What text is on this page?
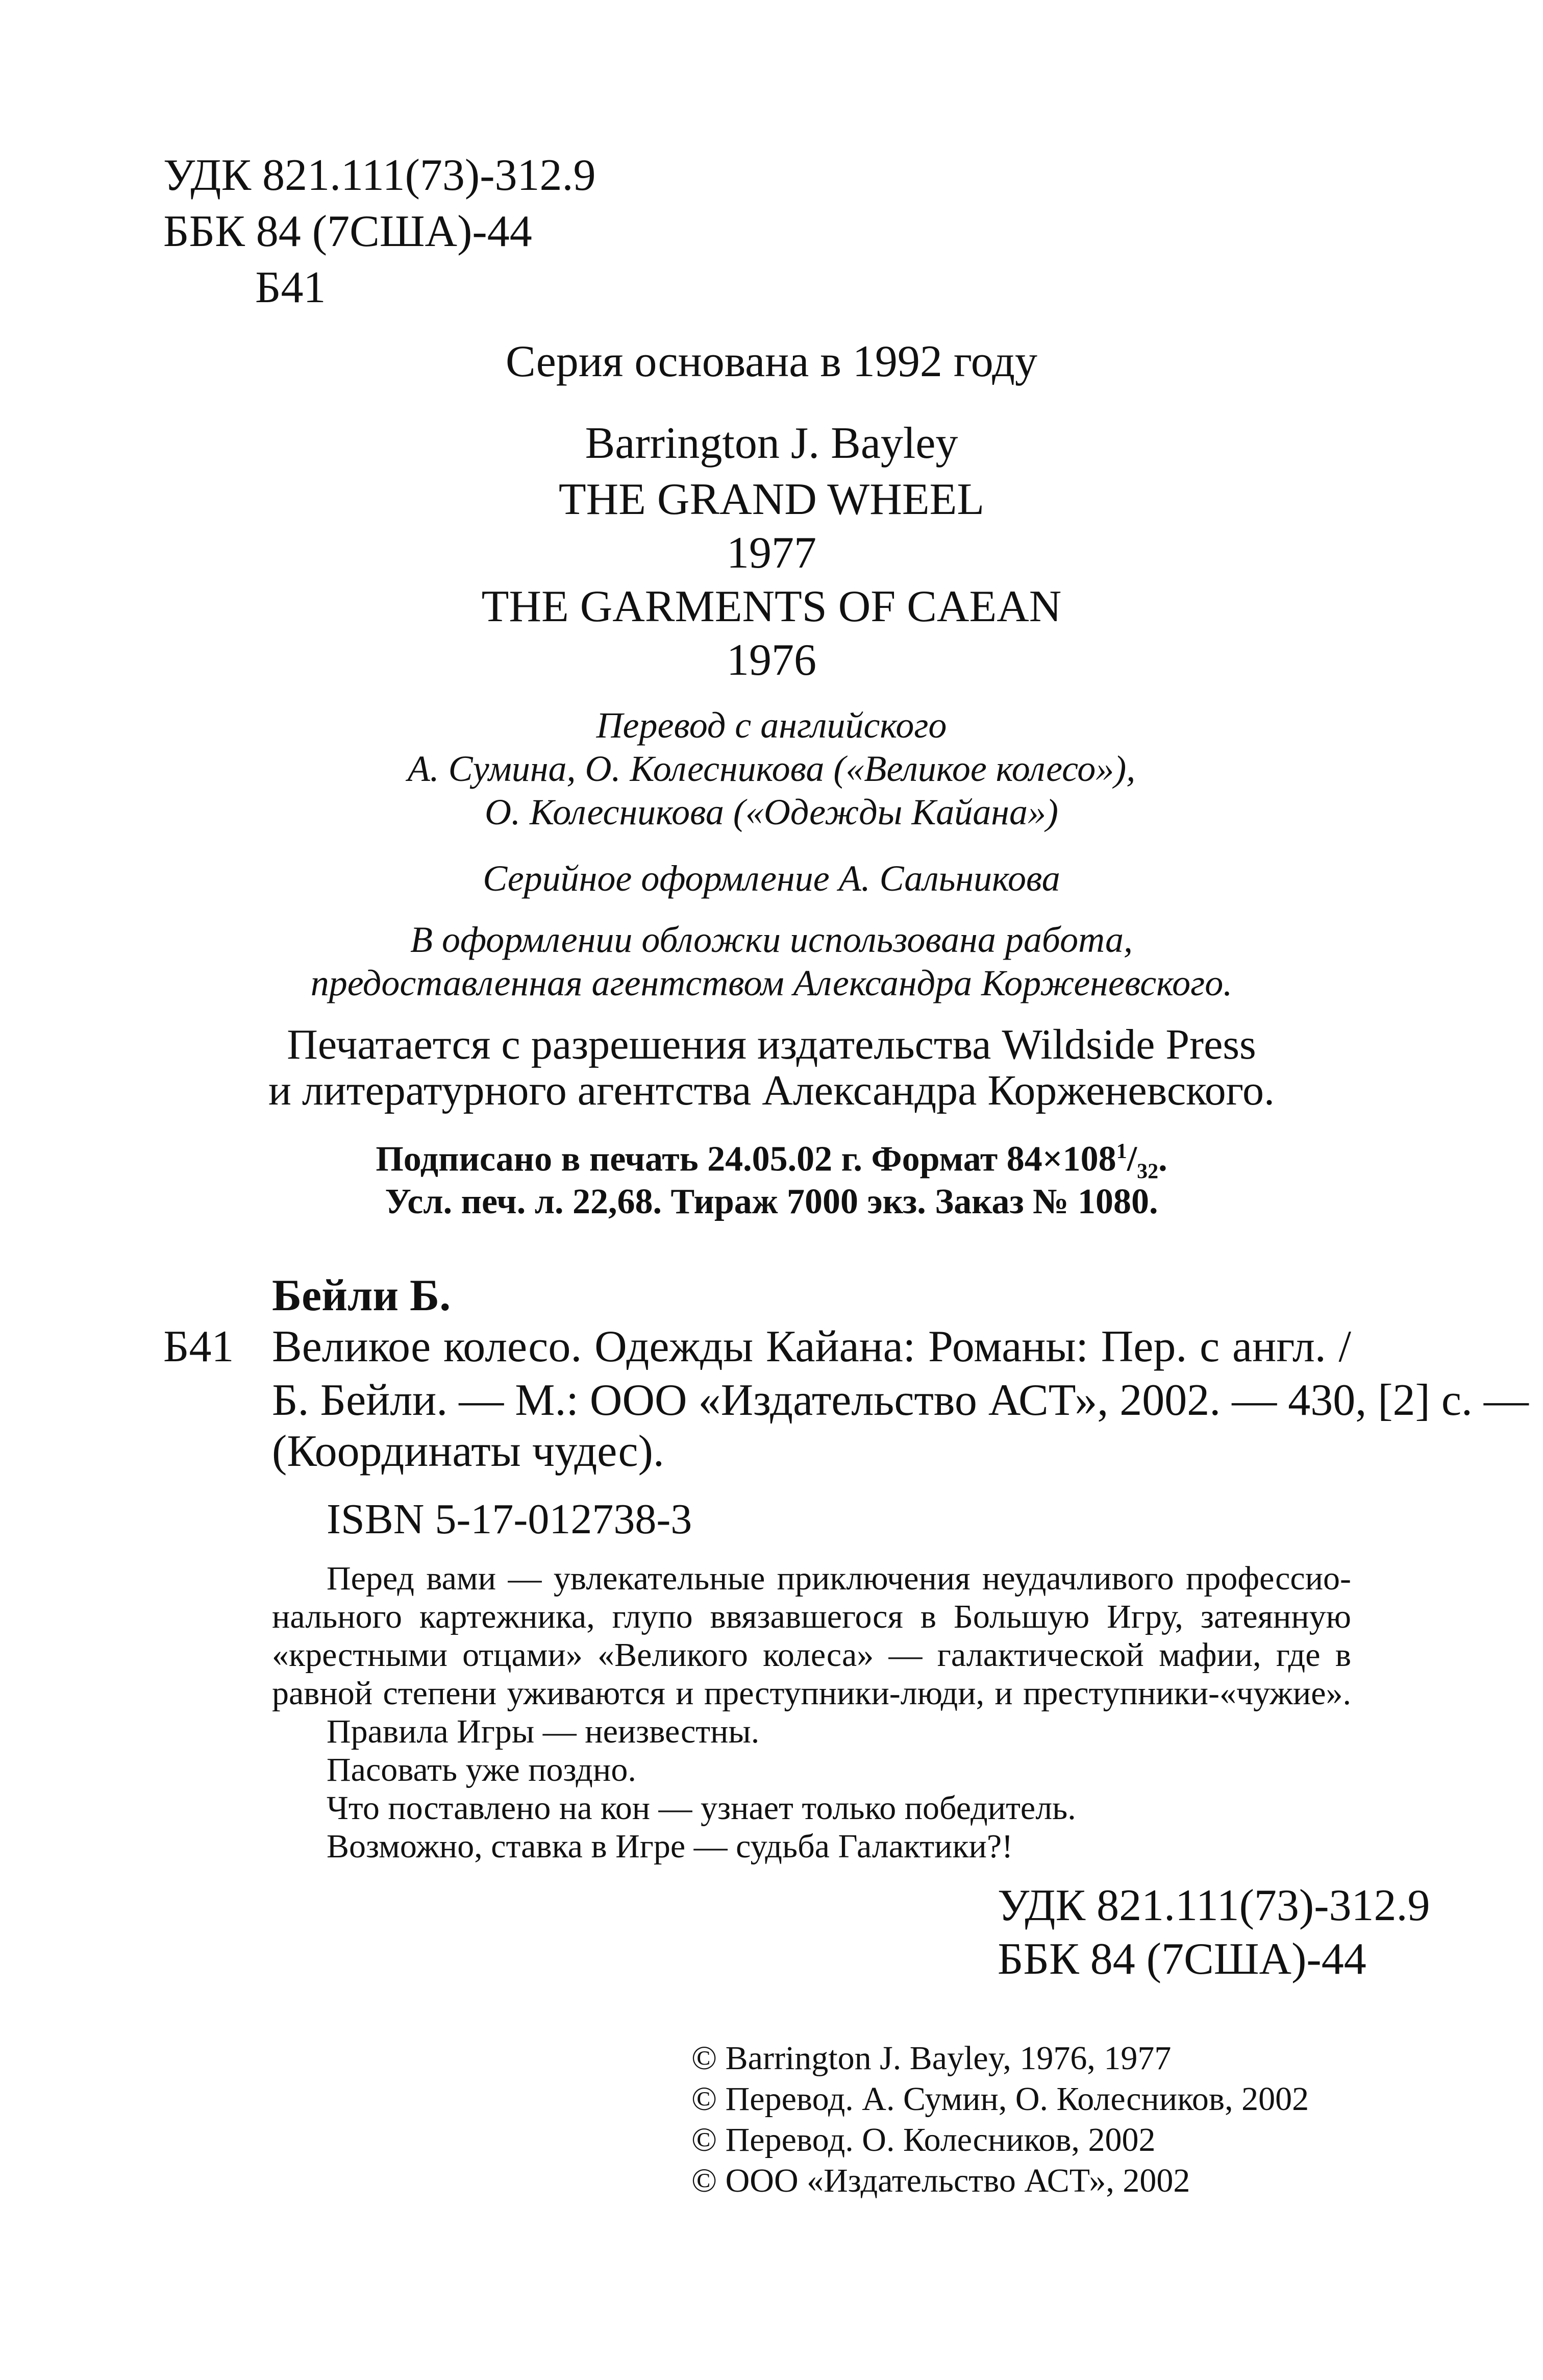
УДК 821.111(73)-312.9
ББК 84 (7США)-44
Б41
Серия основана в 1992 году
Barrington J. Bayley
THE GRAND WHEEL
1977
THE GARMENTS OF CAEAN
1976
Перевод с английского
А. Сумина, О. Колесникова («Великое колесо»),
О. Колесникова («Одежды Кайана»)
Серийное оформление А. Сальникова
В оформлении обложки использована работа,
предоставленная агентством Александра Корженевского.
Печатается с разрешения издательства Wildside Press
и литературного агентства Александра Корженевского.
Подписано в печать 24.05.02 г. Формат $84\times 108^1/_{32}$.
Усл. печ. л. 22,68. Тираж 7000 экз. Заказ № 1080.
Бейли Б.
Б41 Великое колесо. Одежды Кайана: Романы: Пер. с англ. /
Б. Бейли. — М.: ООО «Издательство АСТ», 2002. — 430, [2] с. —
(Координаты чудес).
ISBN 5-17-012738-3
Перед вами — увлекательные приключения неудачливого профессио-
нального картежника, глупо ввязавшегося в Большую Игру, затеянную
«крестными отцами» «Великого колеса» — галактической мафии, где в
равной степени уживаются и преступники-люди, и преступники-«чужие».
Правила Игры — неизвестны.
Пасовать уже поздно.
Что поставлено на кон — узнает только победитель.
Возможно, ставка в Игре — судьба Галактики?!
УДК 821.111(73)-312.9
ББК 84 (7США)-44
© Barrington J. Bayley, 1976, 1977
© Перевод. А. Сумин, О. Колесников, 2002
© Перевод. О. Колесников, 2002
© ООО «Издательство АСТ», 2002
